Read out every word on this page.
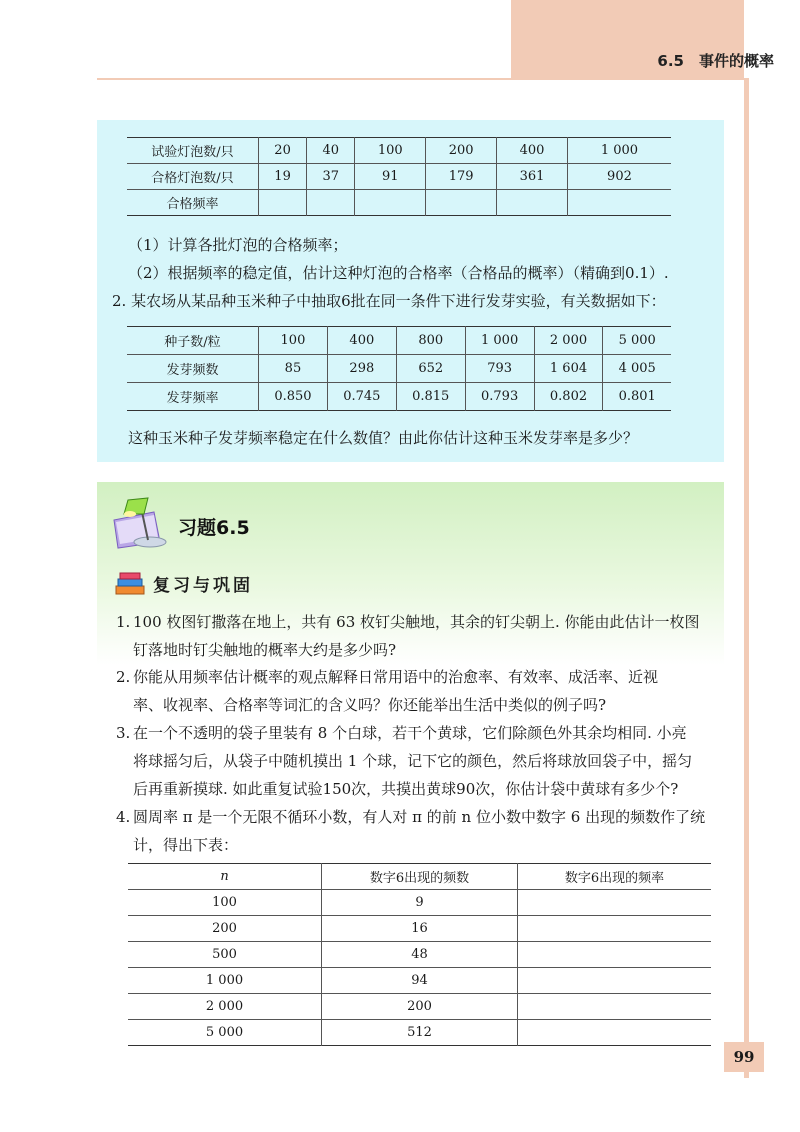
6.5　事件的概率
试验灯泡数/只	20	40	100	200	400	1 000
合格灯泡数/只	19	37	91	179	361	902
合格频率						
（1）计算各批灯泡的合格频率；
（2）根据频率的稳定值，估计这种灯泡的合格率（合格品的概率）（精确到0.1）.
2. 某农场从某品种玉米种子中抽取6批在同一条件下进行发芽实验，有关数据如下：
种子数/粒	100	400	800	1 000	2 000	5 000
发芽频数	85	298	652	793	1 604	4 005
发芽频率	0.850	0.745	0.815	0.793	0.802	0.801
这种玉米种子发芽频率稳定在什么数值？由此你估计这种玉米发芽率是多少？
习题6.5
复习与巩固
1. 100 枚图钉撒落在地上，共有 63 枚钉尖触地，其余的钉尖朝上. 你能由此估计一枚图
钉落地时钉尖触地的概率大约是多少吗?
2. 你能从用频率估计概率的观点解释日常用语中的治愈率、有效率、成活率、近视
率、收视率、合格率等词汇的含义吗？你还能举出生活中类似的例子吗?
3. 在一个不透明的袋子里装有 8 个白球，若干个黄球，它们除颜色外其余均相同. 小亮
将球摇匀后，从袋子中随机摸出 1 个球，记下它的颜色，然后将球放回袋子中，摇匀
后再重新摸球. 如此重复试验150次，共摸出黄球90次，你估计袋中黄球有多少个?
4. 圆周率 π 是一个无限不循环小数，有人对 π 的前 n 位小数中数字 6 出现的频数作了统
计，得出下表：
n	数字6出现的频数	数字6出现的频率
100	9	
200	16	
500	48	
1 000	94	
2 000	200	
5 000	512	
99
